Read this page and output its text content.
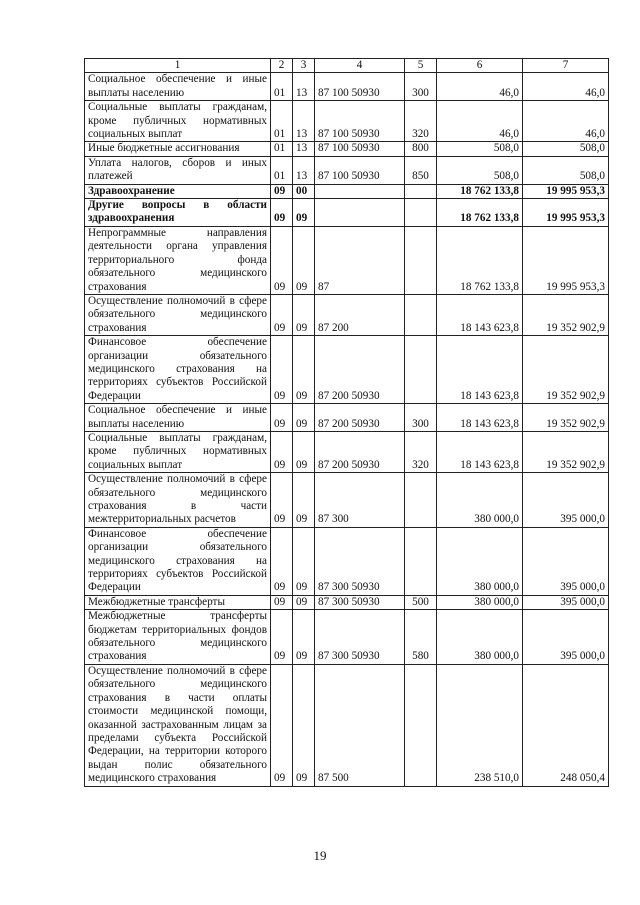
1	2	3	4	5	6	7
Социальное обеспечение и иные выплаты населению	01	13	87 100 50930	300	46,0	46,0
Социальные выплаты гражданам, кроме публичных нормативных социальных выплат	01	13	87 100 50930	320	46,0	46,0
Иные бюджетные ассигнования	01	13	87 100 50930	800	508,0	508,0
Уплата налогов, сборов и иных платежей	01	13	87 100 50930	850	508,0	508,0
Здравоохранение	09	00			18 762 133,8	19 995 953,3
Другие вопросы в области здравоохранения	09	09			18 762 133,8	19 995 953,3
Непрограммные направления деятельности органа управления территориального фонда обязательного медицинского страхования	09	09	87		18 762 133,8	19 995 953,3
Осуществление полномочий в сфере обязательного медицинского страхования	09	09	87 200		18 143 623,8	19 352 902,9
Финансовое обеспечение организации обязательного медицинского страхования на территориях субъектов Российской Федерации	09	09	87 200 50930		18 143 623,8	19 352 902,9
Социальное обеспечение и иные выплаты населению	09	09	87 200 50930	300	18 143 623,8	19 352 902,9
Социальные выплаты гражданам, кроме публичных нормативных социальных выплат	09	09	87 200 50930	320	18 143 623,8	19 352 902,9
Осуществление полномочий в сфере обязательного медицинского страхования в части межтерриториальных расчетов	09	09	87 300		380 000,0	395 000,0
Финансовое обеспечение организации обязательного медицинского страхования на территориях субъектов Российской Федерации	09	09	87 300 50930		380 000,0	395 000,0
Межбюджетные трансферты	09	09	87 300 50930	500	380 000,0	395 000,0
Межбюджетные трансферты бюджетам территориальных фондов обязательного медицинского страхования	09	09	87 300 50930	580	380 000,0	395 000,0
Осуществление полномочий в сфере обязательного медицинского страхования в части оплаты стоимости медицинской помощи, оказанной застрахованным лицам за пределами субъекта Российской Федерации, на территории которого выдан полис обязательного медицинского страхования	09	09	87 500		238 510,0	248 050,4
19
